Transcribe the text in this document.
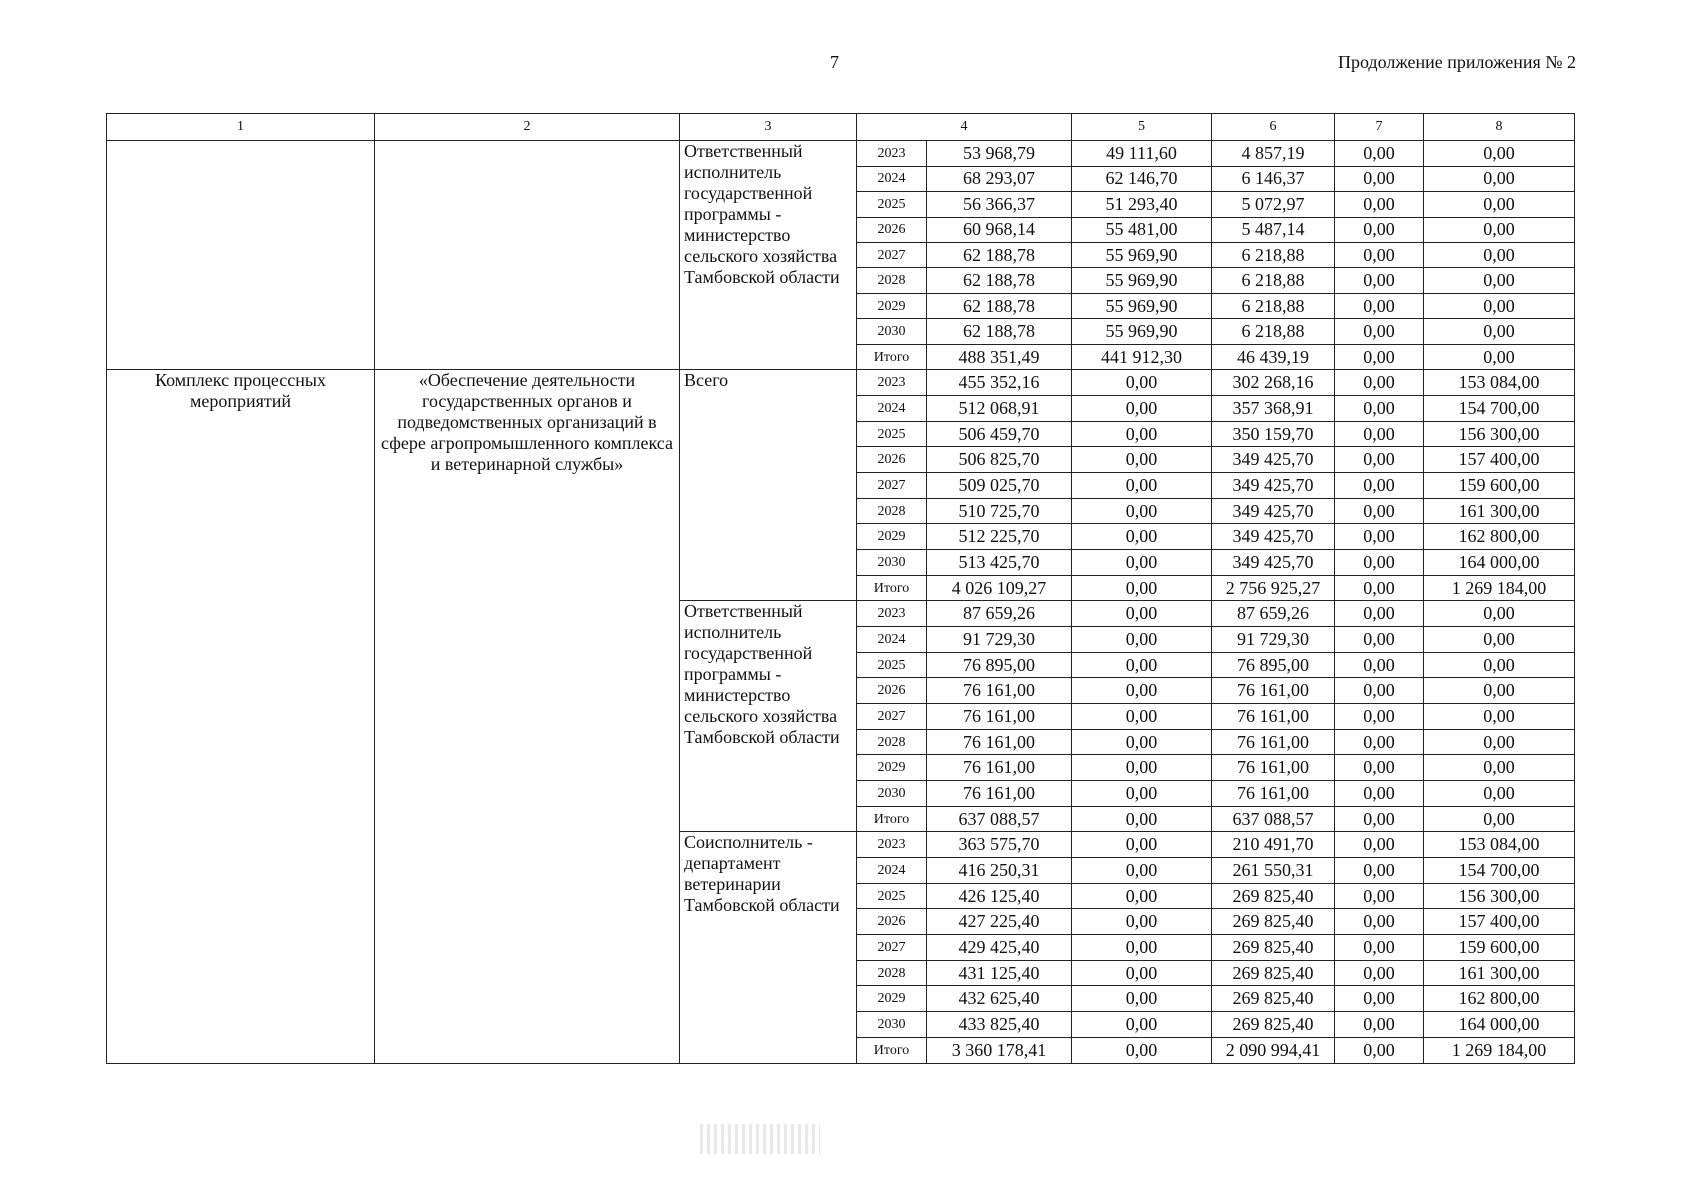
7	Продолжение приложения № 2
1	2	3	4		5	6	7	8
		Ответственный исполнитель государственной программы - министерство сельского хозяйства Тамбовской области	2023	53 968,79	49 111,60	4 857,19	0,00	0,00
			2024	68 293,07	62 146,70	6 146,37	0,00	0,00
			2025	56 366,37	51 293,40	5 072,97	0,00	0,00
			2026	60 968,14	55 481,00	5 487,14	0,00	0,00
			2027	62 188,78	55 969,90	6 218,88	0,00	0,00
			2028	62 188,78	55 969,90	6 218,88	0,00	0,00
			2029	62 188,78	55 969,90	6 218,88	0,00	0,00
			2030	62 188,78	55 969,90	6 218,88	0,00	0,00
			Итого	488 351,49	441 912,30	46 439,19	0,00	0,00
Комплекс процессных мероприятий	«Обеспечение деятельности государственных органов и подведомственных организаций в сфере агропромышленного комплекса и ветеринарной службы»	Всего	2023	455 352,16	0,00	302 268,16	0,00	153 084,00
			2024	512 068,91	0,00	357 368,91	0,00	154 700,00
			2025	506 459,70	0,00	350 159,70	0,00	156 300,00
			2026	506 825,70	0,00	349 425,70	0,00	157 400,00
			2027	509 025,70	0,00	349 425,70	0,00	159 600,00
			2028	510 725,70	0,00	349 425,70	0,00	161 300,00
			2029	512 225,70	0,00	349 425,70	0,00	162 800,00
			2030	513 425,70	0,00	349 425,70	0,00	164 000,00
			Итого	4 026 109,27	0,00	2 756 925,27	0,00	1 269 184,00
		Ответственный исполнитель государственной программы - министерство сельского хозяйства Тамбовской области	2023	87 659,26	0,00	87 659,26	0,00	0,00
			2024	91 729,30	0,00	91 729,30	0,00	0,00
			2025	76 895,00	0,00	76 895,00	0,00	0,00
			2026	76 161,00	0,00	76 161,00	0,00	0,00
			2027	76 161,00	0,00	76 161,00	0,00	0,00
			2028	76 161,00	0,00	76 161,00	0,00	0,00
			2029	76 161,00	0,00	76 161,00	0,00	0,00
			2030	76 161,00	0,00	76 161,00	0,00	0,00
			Итого	637 088,57	0,00	637 088,57	0,00	0,00
		Соисполнитель - департамент ветеринарии Тамбовской области	2023	363 575,70	0,00	210 491,70	0,00	153 084,00
			2024	416 250,31	0,00	261 550,31	0,00	154 700,00
			2025	426 125,40	0,00	269 825,40	0,00	156 300,00
			2026	427 225,40	0,00	269 825,40	0,00	157 400,00
			2027	429 425,40	0,00	269 825,40	0,00	159 600,00
			2028	431 125,40	0,00	269 825,40	0,00	161 300,00
			2029	432 625,40	0,00	269 825,40	0,00	162 800,00
			2030	433 825,40	0,00	269 825,40	0,00	164 000,00
			Итого	3 360 178,41	0,00	2 090 994,41	0,00	1 269 184,00
